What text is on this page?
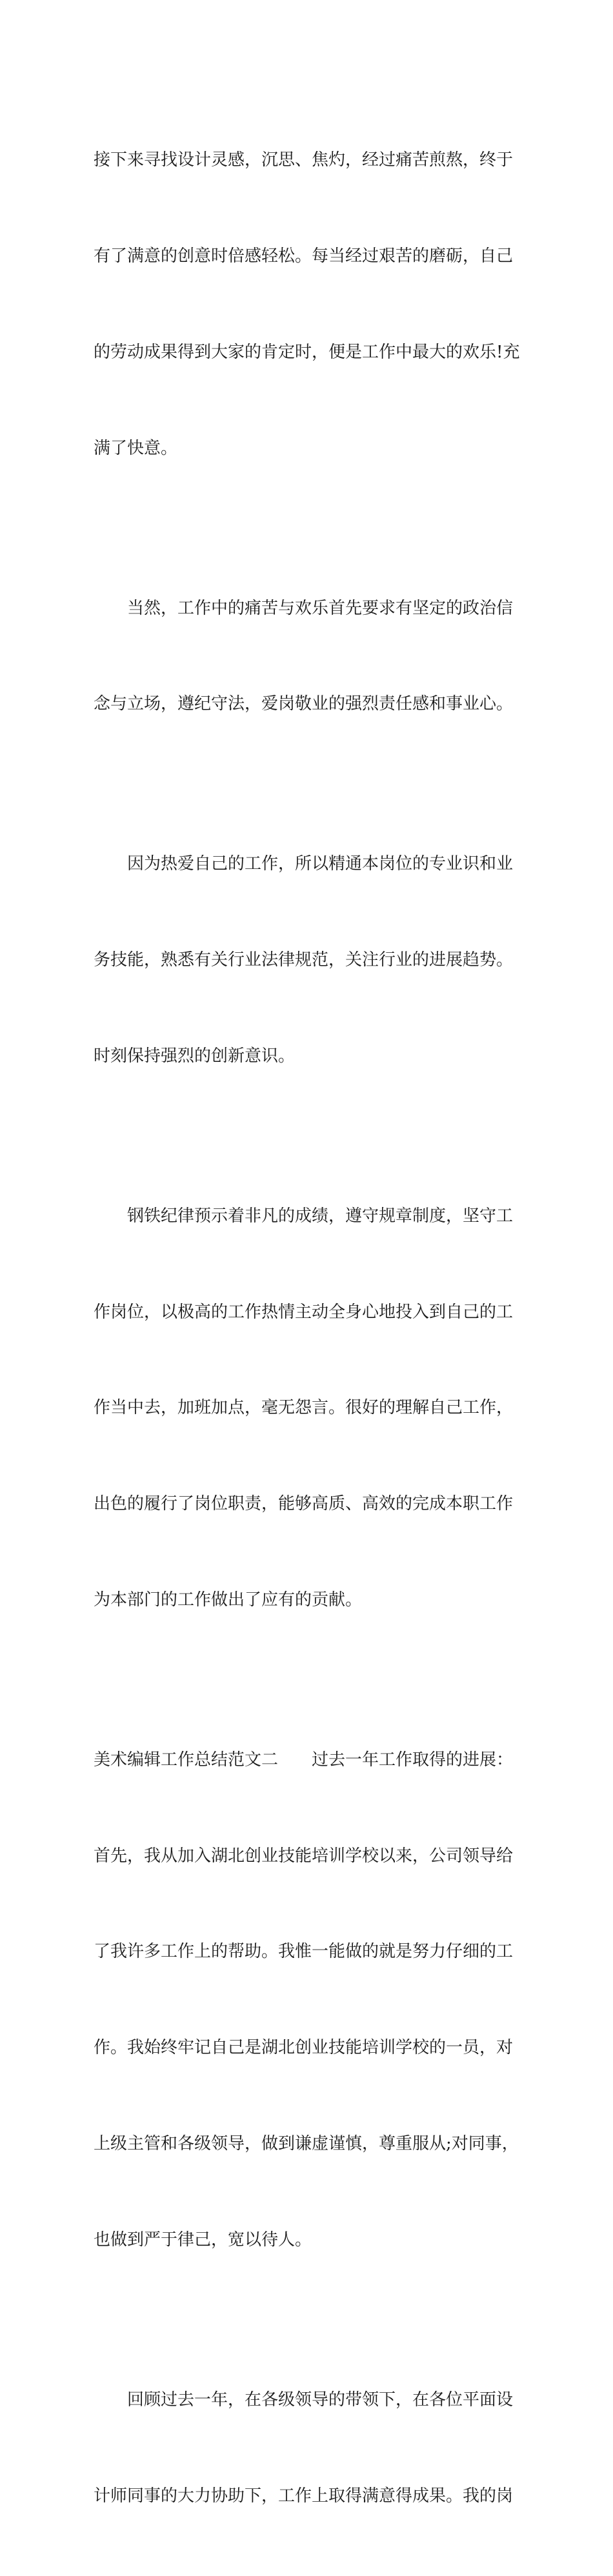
接下来寻找设计灵感，沉思、焦灼，经过痛苦煎熬，终于

有了满意的创意时倍感轻松。每当经过艰苦的磨砺，自己

的劳动成果得到大家的肯定时，便是工作中最大的欢乐!充

满了快意。

当然，工作中的痛苦与欢乐首先要求有坚定的政治信

念与立场，遵纪守法，爱岗敬业的强烈责任感和事业心。

因为热爱自己的工作，所以精通本岗位的专业识和业

务技能，熟悉有关行业法律规范，关注行业的进展趋势。

时刻保持强烈的创新意识。

钢铁纪律预示着非凡的成绩，遵守规章制度，坚守工

作岗位，以极高的工作热情主动全身心地投入到自己的工

作当中去，加班加点，毫无怨言。很好的理解自己工作，

出色的履行了岗位职责，能够高质、高效的完成本职工作

为本部门的工作做出了应有的贡献。

美术编辑工作总结范文二　　过去一年工作取得的进展：

首先，我从加入湖北创业技能培训学校以来，公司领导给

了我许多工作上的帮助。我惟一能做的就是努力仔细的工

作。我始终牢记自己是湖北创业技能培训学校的一员，对

上级主管和各级领导，做到谦虚谨慎，尊重服从;对同事，

也做到严于律己，宽以待人。

回顾过去一年，在各级领导的带领下，在各位平面设

计师同事的大力协助下，工作上取得满意得成果。我的岗
